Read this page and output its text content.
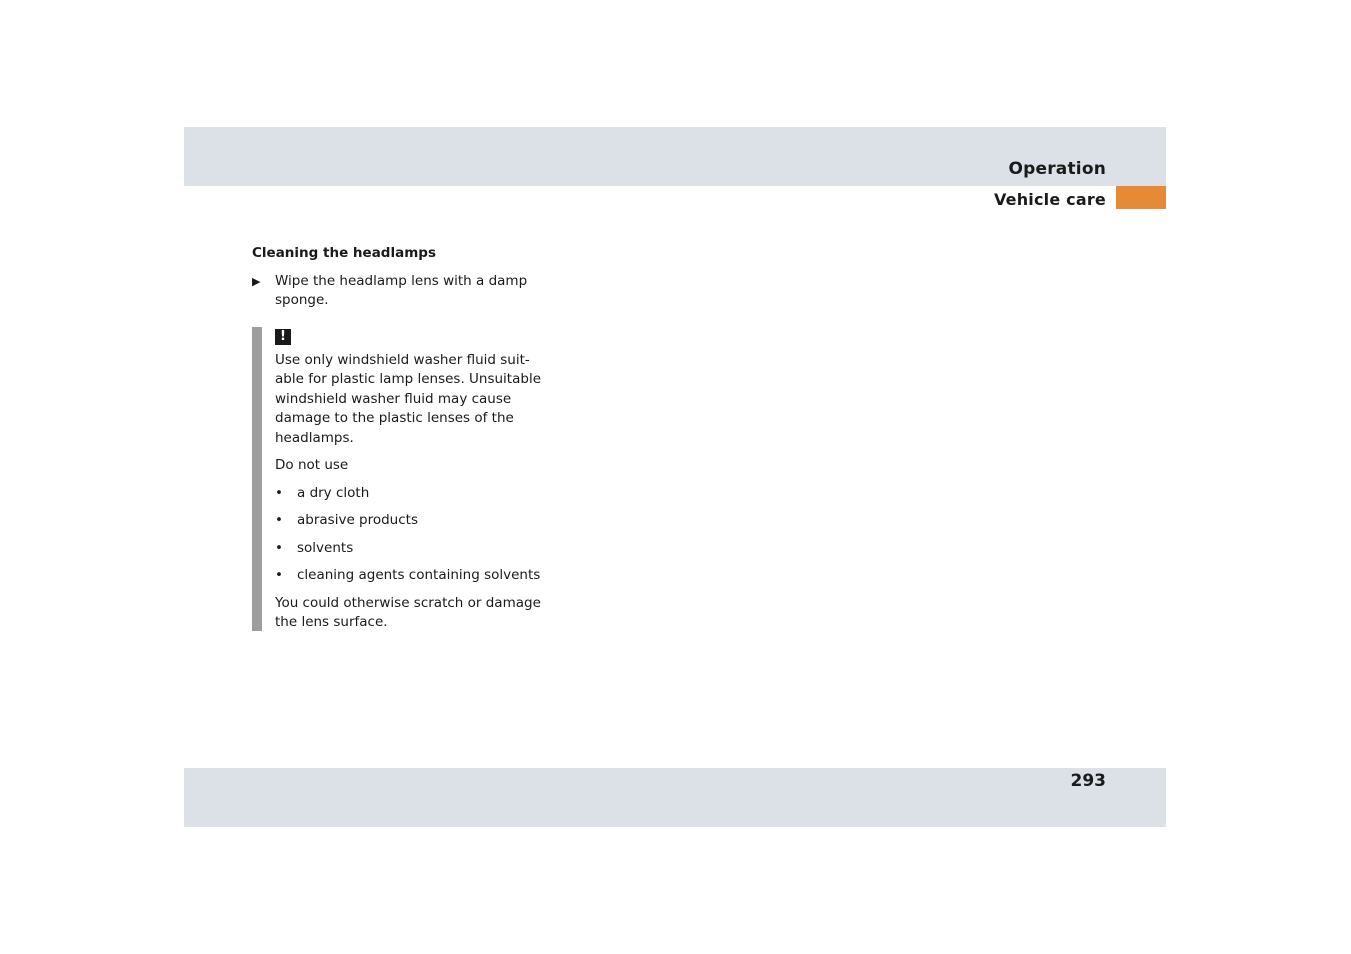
Operation
Vehicle care
Cleaning the headlamps
▶ Wipe the headlamp lens with a damp sponge.
!

Use only windshield washer fluid suit-able for plastic lamp lenses. Unsuitable windshield washer fluid may cause damage to the plastic lenses of the headlamps.

Do not use

• a dry cloth
• abrasive products
• solvents
• cleaning agents containing solvents

You could otherwise scratch or damage the lens surface.

293
